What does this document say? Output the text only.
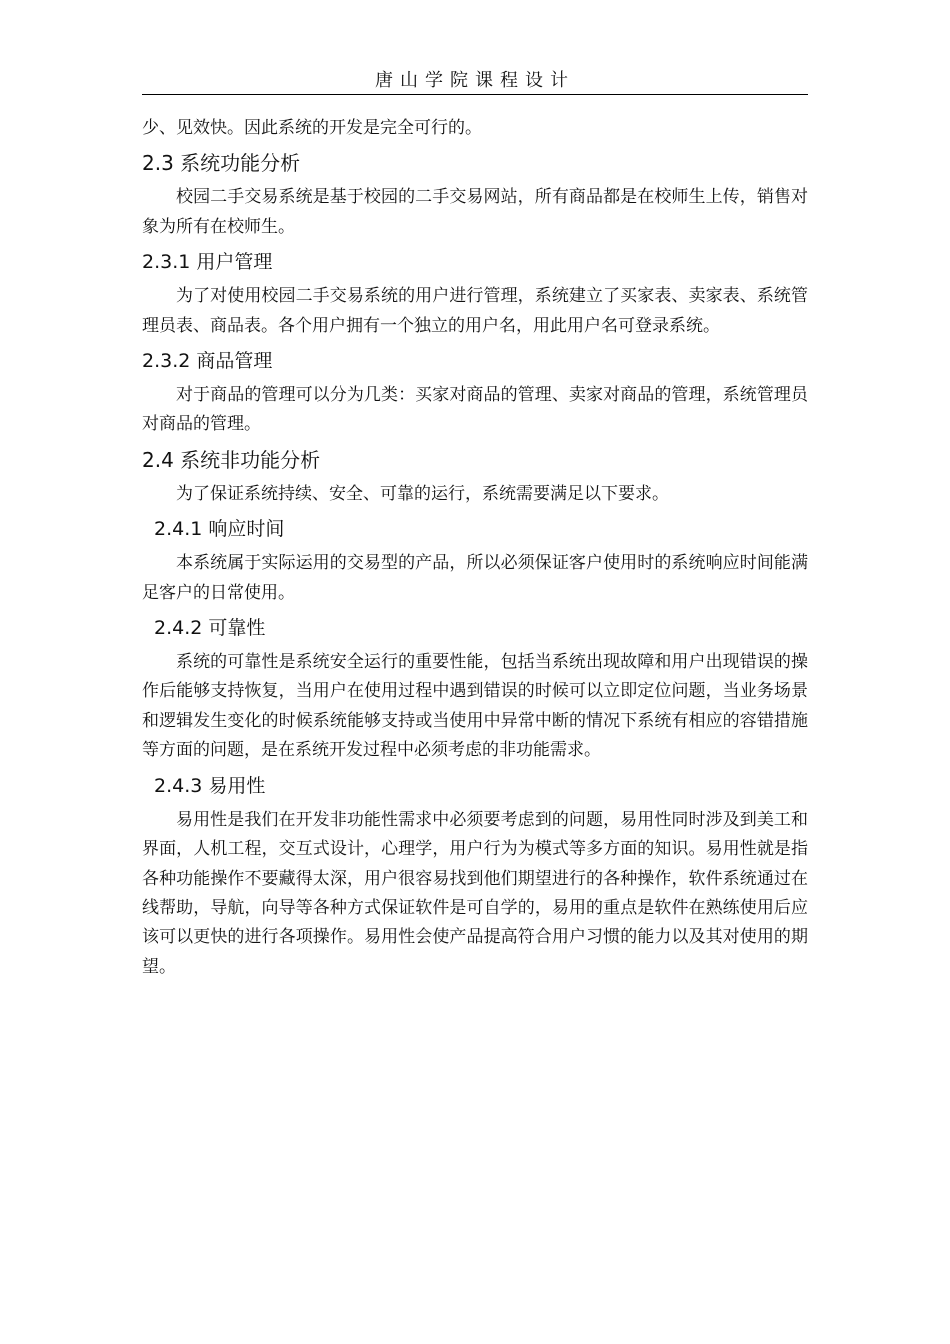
唐山学院课程设计

少、见效快。因此系统的开发是完全可行的。

2.3 系统功能分析

校园二手交易系统是基于校园的二手交易网站，所有商品都是在校师生上传，销售对象为所有在校师生。

2.3.1 用户管理

为了对使用校园二手交易系统的用户进行管理，系统建立了买家表、卖家表、系统管理员表、商品表。各个用户拥有一个独立的用户名，用此用户名可登录系统。

2.3.2 商品管理

对于商品的管理可以分为几类：买家对商品的管理、卖家对商品的管理，系统管理员对商品的管理。

2.4 系统非功能分析

为了保证系统持续、安全、可靠的运行，系统需要满足以下要求。

2.4.1 响应时间

本系统属于实际运用的交易型的产品，所以必须保证客户使用时的系统响应时间能满足客户的日常使用。

2.4.2 可靠性

系统的可靠性是系统安全运行的重要性能，包括当系统出现故障和用户出现错误的操作后能够支持恢复，当用户在使用过程中遇到错误的时候可以立即定位问题，当业务场景和逻辑发生变化的时候系统能够支持或当使用中异常中断的情况下系统有相应的容错措施等方面的问题，是在系统开发过程中必须考虑的非功能需求。

2.4.3 易用性

易用性是我们在开发非功能性需求中必须要考虑到的问题，易用性同时涉及到美工和界面，人机工程，交互式设计，心理学，用户行为为模式等多方面的知识。易用性就是指各种功能操作不要藏得太深，用户很容易找到他们期望进行的各种操作，软件系统通过在线帮助，导航，向导等各种方式保证软件是可自学的，易用的重点是软件在熟练使用后应该可以更快的进行各项操作。易用性会使产品提高符合用户习惯的能力以及其对使用的期望。
